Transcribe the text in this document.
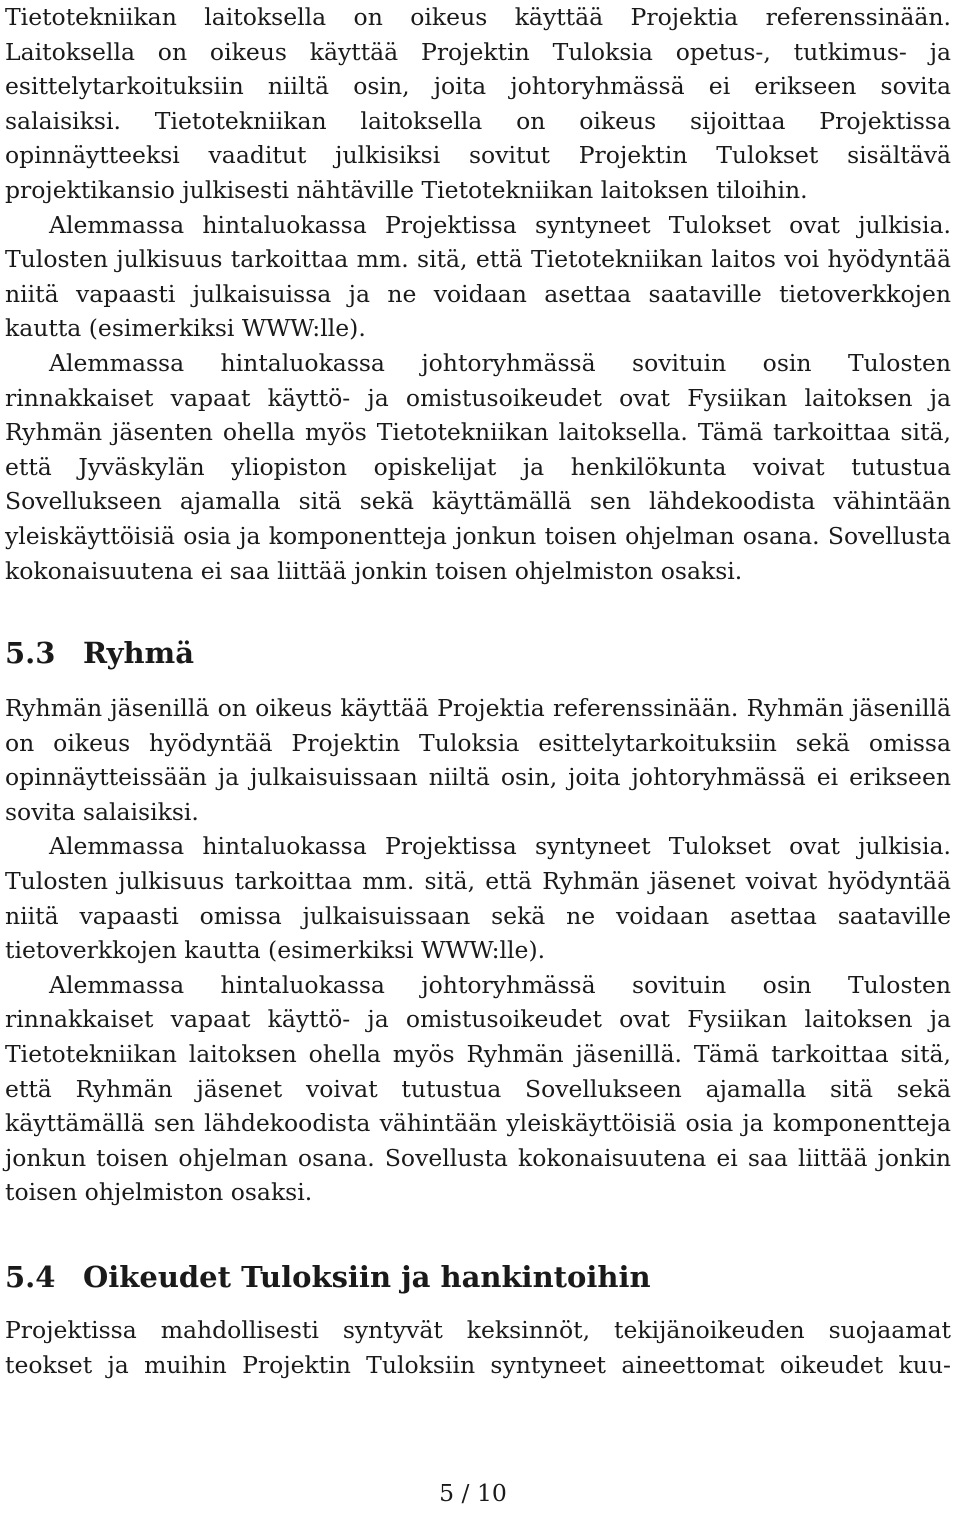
Tietotekniikan laitoksella on oikeus käyttää Projektia referenssinään. Laitoksella on oikeus käyttää Projektin Tuloksia opetus-, tutkimus- ja esittelytarkoituksiin niiltä osin, joita johtoryhmässä ei erikseen sovita salaisiksi. Tietotekniikan laitoksella on oikeus sijoittaa Projektissa opinnäytteeksi vaaditut julkisiksi sovitut Projektin Tulokset sisältävä projektikansio julkisesti nähtäville Tietotekniikan laitoksen tiloihin.

Alemmassa hintaluokassa Projektissa syntyneet Tulokset ovat julkisia. Tulosten julkisuus tarkoittaa mm. sitä, että Tietotekniikan laitos voi hyödyntää niitä vapaasti julkaisuissa ja ne voidaan asettaa saataville tietoverkkojen kautta (esimerkiksi WWW:lle).

Alemmassa hintaluokassa johtoryhmässä sovituin osin Tulosten rinnakkaiset vapaat käyttö- ja omistusoikeudet ovat Fysiikan laitoksen ja Ryhmän jäsenten ohella myös Tietotekniikan laitoksella. Tämä tarkoittaa sitä, että Jyväskylän yliopiston opiskelijat ja henkilökunta voivat tutustua Sovellukseen ajamalla sitä sekä käyttämällä sen lähdekoodista vähintään yleiskäyttöisiä osia ja komponentteja jonkun toisen ohjelman osana. Sovellusta kokonaisuutena ei saa liittää jonkin toisen ohjelmiston osaksi.

5.3 Ryhmä

Ryhmän jäsenillä on oikeus käyttää Projektia referenssinään. Ryhmän jäsenillä on oikeus hyödyntää Projektin Tuloksia esittelytarkoituksiin sekä omissa opinnäytteissään ja julkaisuissaan niiltä osin, joita johtoryhmässä ei erikseen sovita salaisiksi.

Alemmassa hintaluokassa Projektissa syntyneet Tulokset ovat julkisia. Tulosten julkisuus tarkoittaa mm. sitä, että Ryhmän jäsenet voivat hyödyntää niitä vapaasti omissa julkaisuissaan sekä ne voidaan asettaa saataville tietoverkkojen kautta (esimerkiksi WWW:lle).

Alemmassa hintaluokassa johtoryhmässä sovituin osin Tulosten rinnakkaiset vapaat käyttö- ja omistusoikeudet ovat Fysiikan laitoksen ja Tietotekniikan laitoksen ohella myös Ryhmän jäsenillä. Tämä tarkoittaa sitä, että Ryhmän jäsenet voivat tutustua Sovellukseen ajamalla sitä sekä käyttämällä sen lähdekoodista vähintään yleiskäyttöisiä osia ja komponentteja jonkun toisen ohjelman osana. Sovellusta kokonaisuutena ei saa liittää jonkin toisen ohjelmiston osaksi.

5.4 Oikeudet Tuloksiin ja hankintoihin

Projektissa mahdollisesti syntyvät keksinnöt, tekijänoikeuden suojaamat teokset ja muihin Projektin Tuloksiin syntyneet aineettomat oikeudet kuu-

5 / 10
